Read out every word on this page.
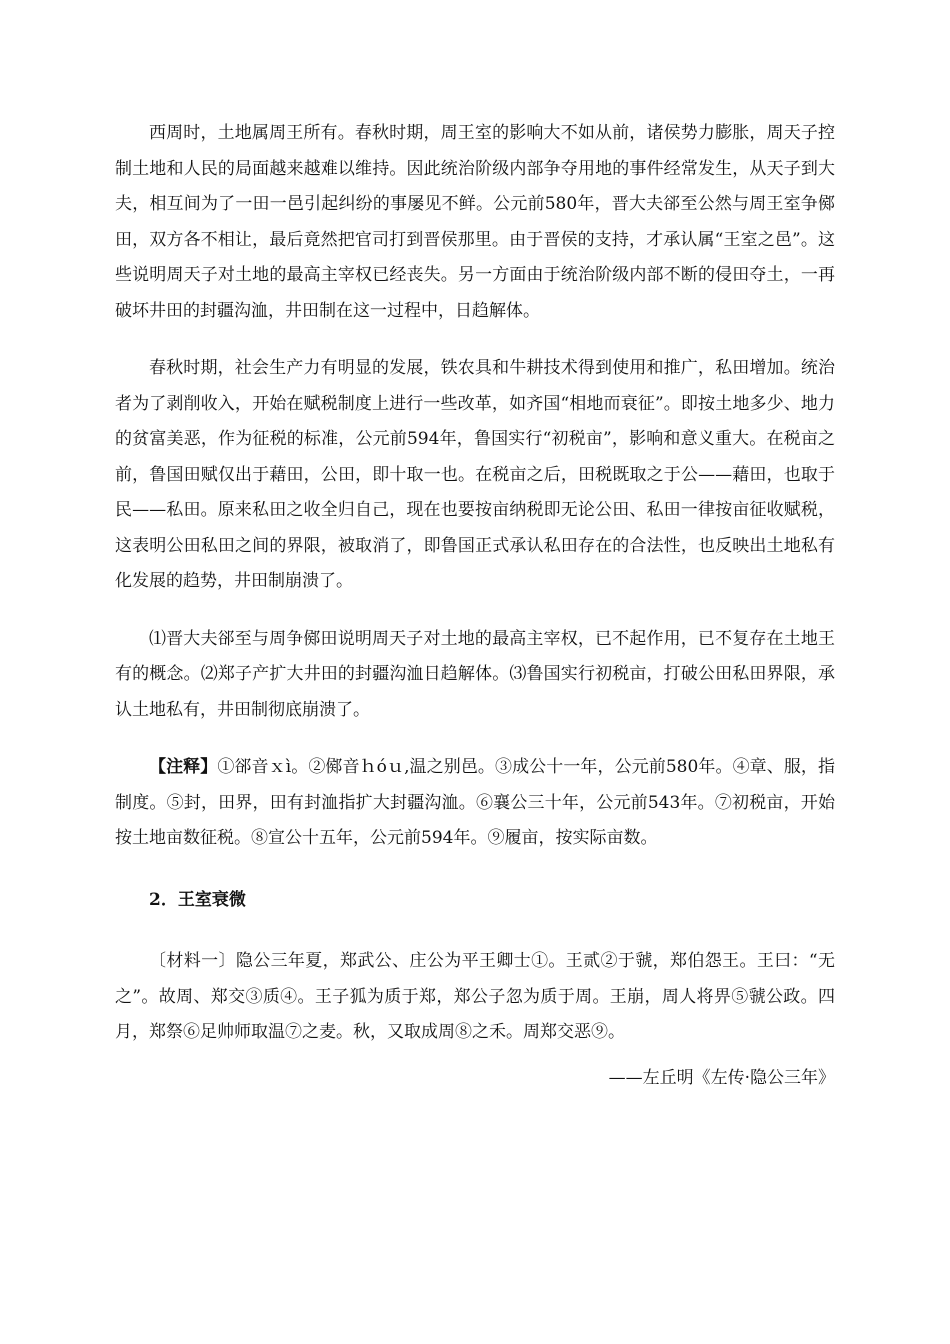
西周时，土地属周王所有。春秋时期，周王室的影响大不如从前，诸侯势力膨胀，周天子控制土地和人民的局面越来越难以维持。因此统治阶级内部争夺用地的事件经常发生，从天子到大夫，相互间为了一田一邑引起纠纷的事屡见不鲜。公元前580年，晋大夫郤至公然与周王室争鄇田，双方各不相让，最后竟然把官司打到晋侯那里。由于晋侯的支持，才承认属“王室之邑”。这些说明周天子对土地的最高主宰权已经丧失。另一方面由于统治阶级内部不断的侵田夺土，一再破坏井田的封疆沟洫，井田制在这一过程中，日趋解体。

春秋时期，社会生产力有明显的发展，铁农具和牛耕技术得到使用和推广，私田增加。统治者为了剥削收入，开始在赋税制度上进行一些改革，如齐国“相地而衰征”。即按土地多少、地力的贫富美恶，作为征税的标准，公元前594年，鲁国实行“初税亩”，影响和意义重大。在税亩之前，鲁国田赋仅出于藉田，公田，即十取一也。在税亩之后，田税既取之于公——藉田，也取于民——私田。原来私田之收全归自己，现在也要按亩纳税即无论公田、私田一律按亩征收赋税，这表明公田私田之间的界限，被取消了，即鲁国正式承认私田存在的合法性，也反映出土地私有化发展的趋势，井田制崩溃了。

⑴晋大夫郤至与周争鄇田说明周天子对土地的最高主宰权，已不起作用，已不复存在土地王有的概念。⑵郑子产扩大井田的封疆沟洫日趋解体。⑶鲁国实行初税亩，打破公田私田界限，承认土地私有，井田制彻底崩溃了。

【注释】①郤音ｘì。②鄇音ｈóｕ,温之别邑。③成公十一年，公元前580年。④章、服，指制度。⑤封，田界，田有封洫指扩大封疆沟洫。⑥襄公三十年，公元前543年。⑦初税亩，开始按土地亩数征税。⑧宣公十五年，公元前594年。⑨履亩，按实际亩数。

2．王室衰微

〔材料一〕隐公三年夏，郑武公、庄公为平王卿士①。王贰②于虢，郑伯怨王。王曰：“无之”。故周、郑交③质④。王子狐为质于郑，郑公子忽为质于周。王崩，周人将畀⑤虢公政。四月，郑祭⑥足帅师取温⑦之麦。秋，又取成周⑧之禾。周郑交恶⑨。

——左丘明《左传·隐公三年》
